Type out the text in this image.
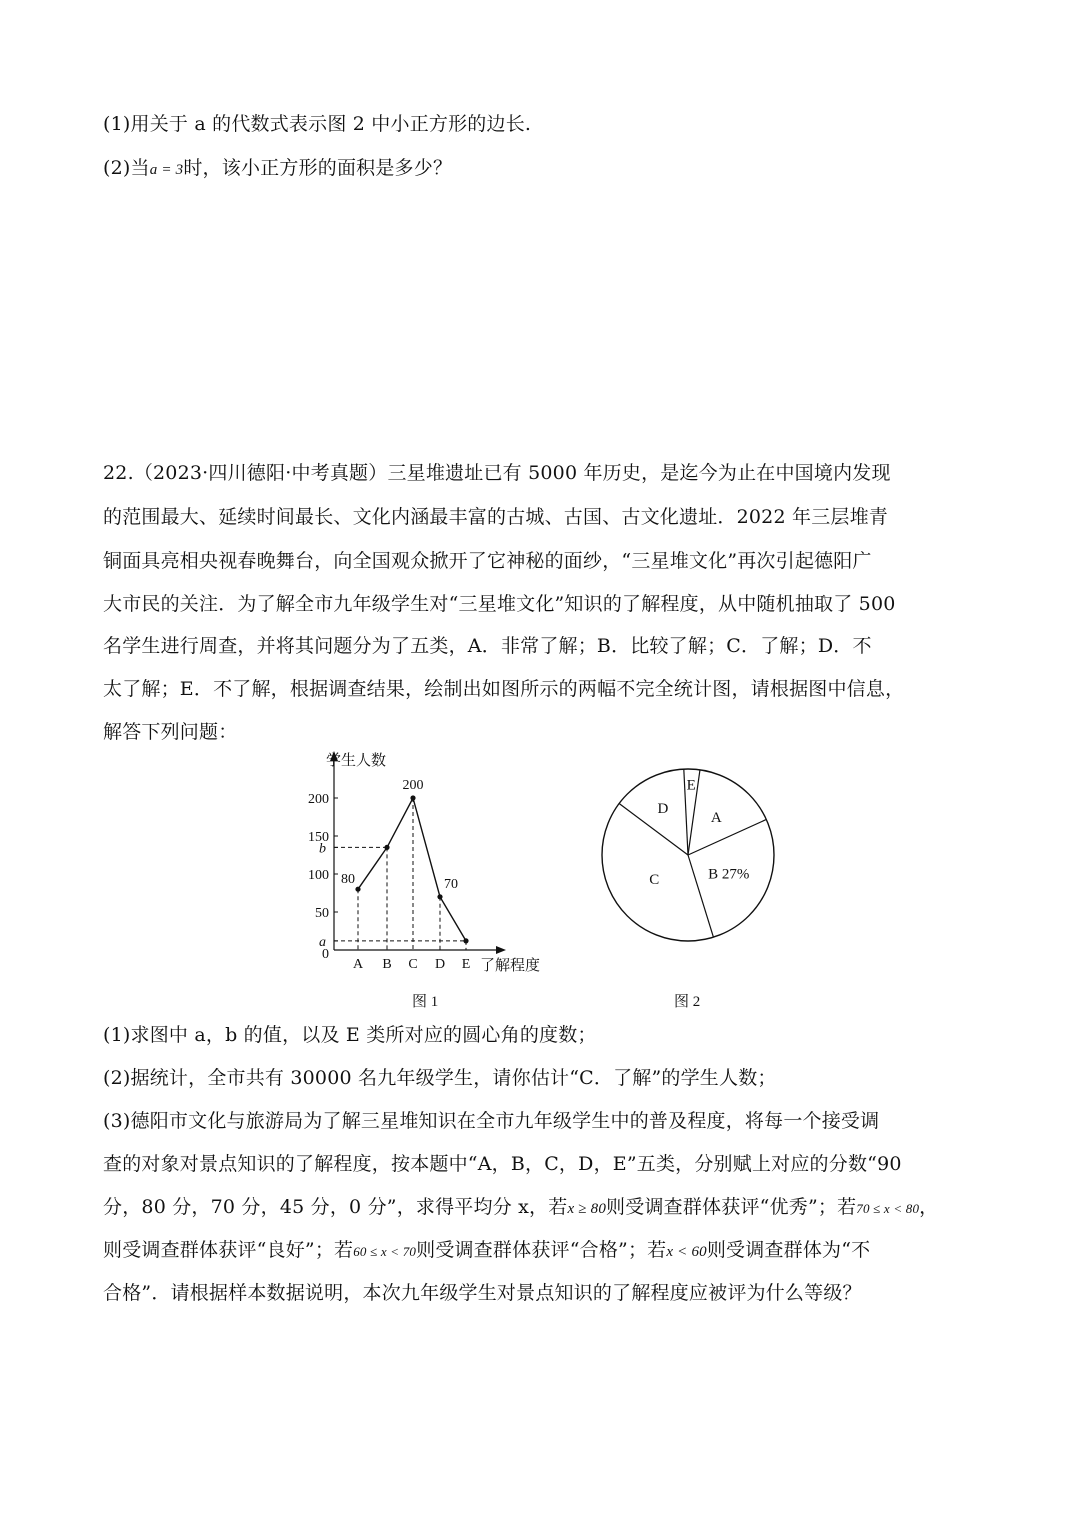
(1)用关于 a 的代数式表示图 2 中小正方形的边长.
(2)当a = 3时，该小正方形的面积是多少？
22.（2023·四川德阳·中考真题）三星堆遗址已有 5000 年历史，是迄今为止在中国境内发现
的范围最大、延续时间最长、文化内涵最丰富的古城、古国、古文化遗址．2022 年三层堆青
铜面具亮相央视春晚舞台，向全国观众掀开了它神秘的面纱，“三星堆文化”再次引起德阳广
大市民的关注．为了解全市九年级学生对“三星堆文化”知识的了解程度，从中随机抽取了 500
名学生进行周查，并将其问题分为了五类，A．非常了解；B．比较了解；C．了解；D．不
太了解；E．不了解，根据调查结果，绘制出如图所示的两幅不完全统计图，请根据图中信息，
解答下列问题：
学生人数
了解程度
0
50
100
150
200
b
a
A B C D E
80
200
70
图 1
A
B 27%
C
D
E
图 2
(1)求图中 a，b 的值，以及 E 类所对应的圆心角的度数；
(2)据统计，全市共有 30000 名九年级学生，请你估计“C．了解”的学生人数；
(3)德阳市文化与旅游局为了解三星堆知识在全市九年级学生中的普及程度，将每一个接受调
查的对象对景点知识的了解程度，按本题中“A，B，C，D，E”五类，分别赋上对应的分数“90
分，80 分，70 分，45 分，0 分”，求得平均分 x，若x ≥ 80则受调查群体获评“优秀”；若70 ≤ x < 80，
则受调查群体获评“良好”；若60 ≤ x < 70则受调查群体获评“合格”；若x < 60则受调查群体为“不
合格”．请根据样本数据说明，本次九年级学生对景点知识的了解程度应被评为什么等级？
